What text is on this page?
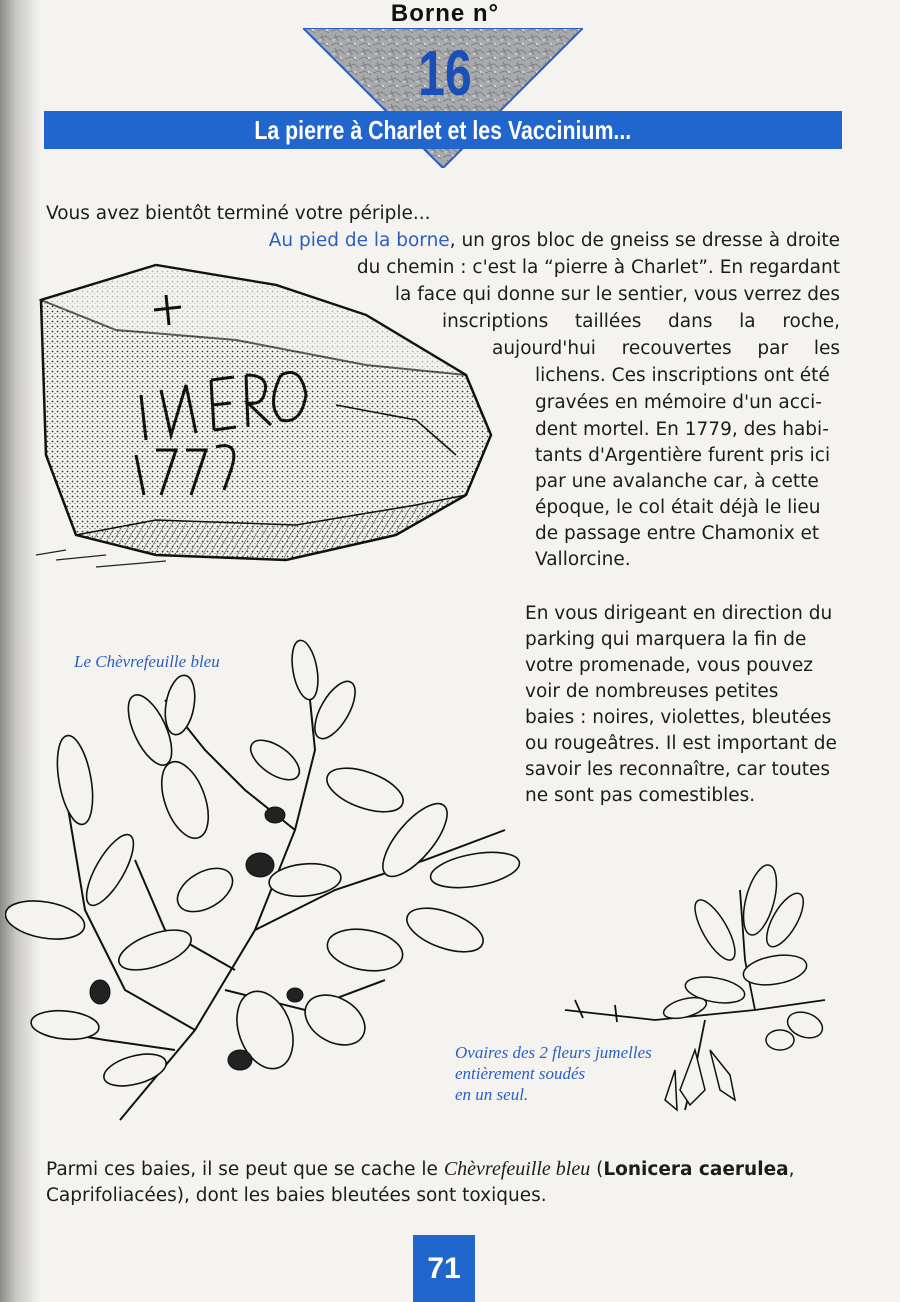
Borne n°
16
La pierre à Charlet et les Vaccinium...
Vous avez bientôt terminé votre périple...
Au pied de la borne, un gros bloc de gneiss se dresse à droite
du chemin : c'est la “pierre à Charlet”. En regardant
la face qui donne sur le sentier, vous verrez des
inscriptions taillées dans la roche,
aujourd'hui recouvertes par les
lichens. Ces inscriptions ont été
gravées en mémoire d'un acci-
dent mortel. En 1779, des habi-
tants d'Argentière furent pris ici
par une avalanche car, à cette
époque, le col était déjà le lieu
de passage entre Chamonix et
Vallorcine.
En vous dirigeant en direction du
parking qui marquera la fin de
votre promenade, vous pouvez
voir de nombreuses petites
baies : noires, violettes, bleutées
ou rougeâtres. Il est important de
savoir les reconnaître, car toutes
ne sont pas comestibles.
Le Chèvrefeuille bleu
Ovaires des 2 fleurs jumelles
entièrement soudés
en un seul.
Parmi ces baies, il se peut que se cache le Chèvrefeuille bleu (Lonicera caerulea,
Caprifoliacées), dont les baies bleutées sont toxiques.
71
